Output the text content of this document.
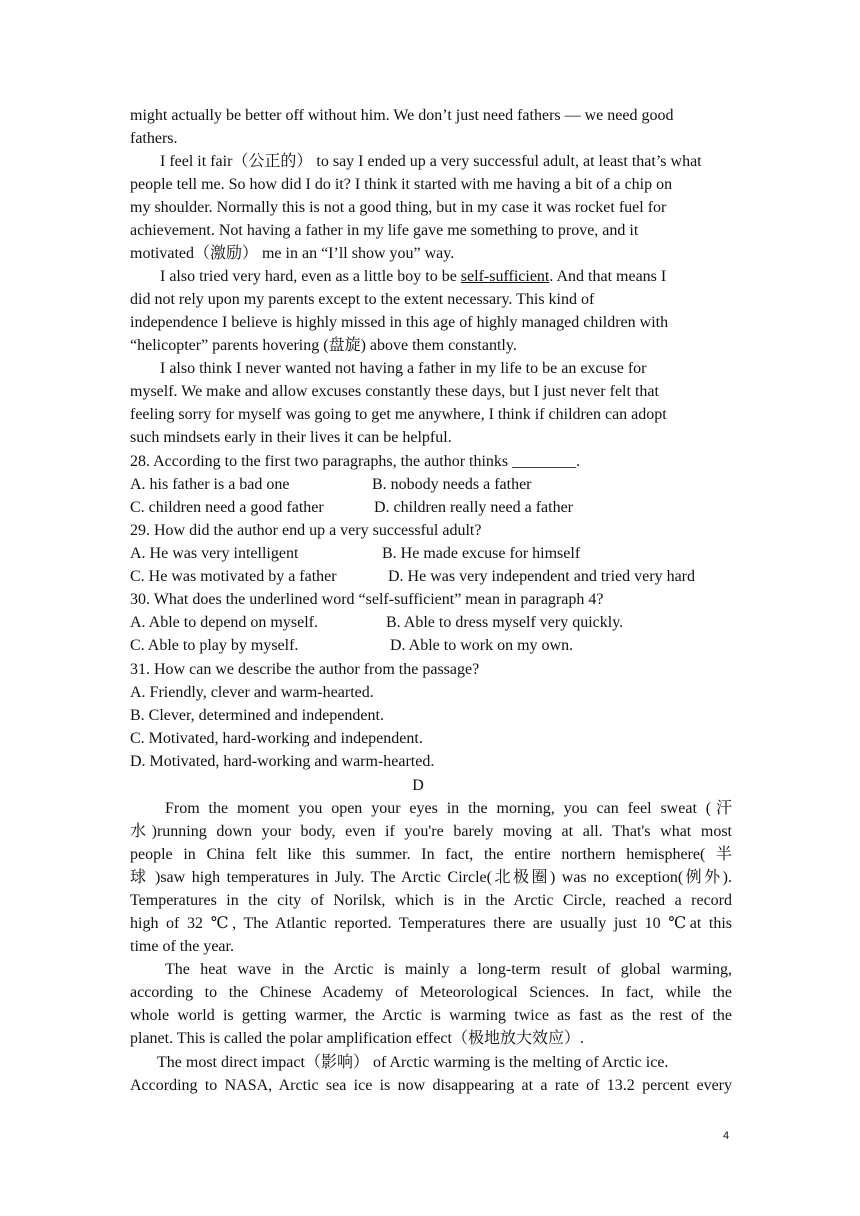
might actually be better off without him. We don’t just need fathers — we need good
fathers.
I feel it fair（公正的） to say I ended up a very successful adult, at least that’s what
people tell me. So how did I do it? I think it started with me having a bit of a chip on
my shoulder. Normally this is not a good thing, but in my case it was rocket fuel for
achievement. Not having a father in my life gave me something to prove, and it
motivated（激励） me in an “I’ll show you” way.
I also tried very hard, even as a little boy to be self-sufficient. And that means I
did not rely upon my parents except to the extent necessary. This kind of
independence I believe is highly missed in this age of highly managed children with
“helicopter” parents hovering (盘旋) above them constantly.
I also think I never wanted not having a father in my life to be an excuse for
myself. We make and allow excuses constantly these days, but I just never felt that
feeling sorry for myself was going to get me anywhere, I think if children can adopt
such mindsets early in their lives it can be helpful.
28. According to the first two paragraphs, the author thinks ________.
A. his father is a bad one	B. nobody needs a father
C. children need a good father	D. children really need a father
29. How did the author end up a very successful adult?
A. He was very intelligent	B. He made excuse for himself
C. He was motivated by a father	D. He was very independent and tried very hard
30. What does the underlined word “self-sufficient” mean in paragraph 4?
A. Able to depend on myself.	B. Able to dress myself very quickly.
C. Able to play by myself.	D. Able to work on my own.
31. How can we describe the author from the passage?
A. Friendly, clever and warm-hearted.
B. Clever, determined and independent.
C. Motivated, hard-working and independent.
D. Motivated, hard-working and warm-hearted.
D
From the moment you open your eyes in the morning, you can feel sweat (汗
水)running down your body, even if you're barely moving at all. That's what most
people in China felt like this summer. In fact, the entire northern hemisphere( 半
球 )saw high temperatures in July. The Arctic Circle(北极圈) was no exception(例外).
Temperatures in the city of Norilsk, which is in the Arctic Circle, reached a record
high of 32 ℃, The Atlantic reported. Temperatures there are usually just 10 ℃at this
time of the year.
The heat wave in the Arctic is mainly a long-term result of global warming,
according to the Chinese Academy of Meteorological Sciences. In fact, while the
whole world is getting warmer, the Arctic is warming twice as fast as the rest of the
planet. This is called the polar amplification effect（极地放大效应）.
The most direct impact（影响） of Arctic warming is the melting of Arctic ice.
According to NASA, Arctic sea ice is now disappearing at a rate of 13.2 percent every
4
